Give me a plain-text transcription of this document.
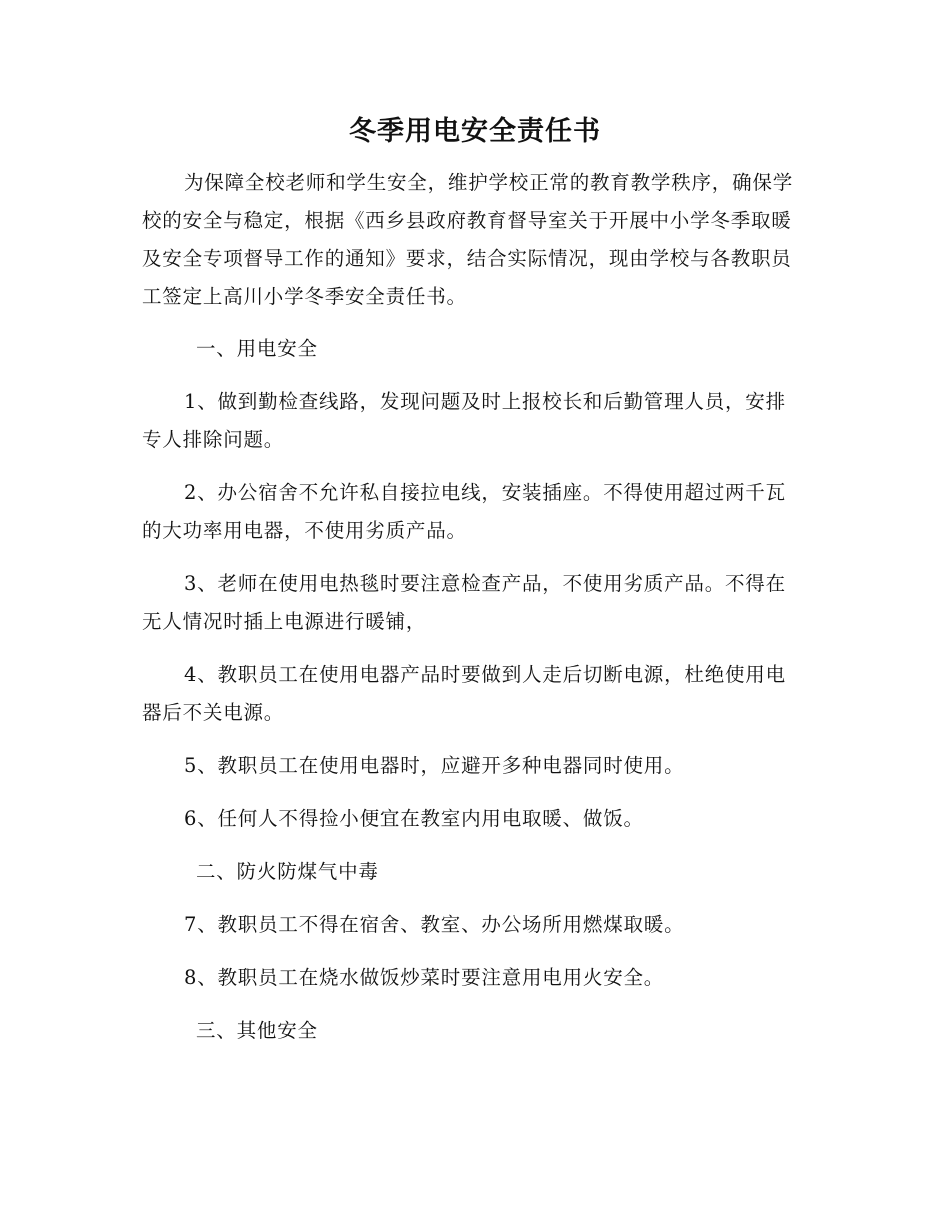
冬季用电安全责任书

为保障全校老师和学生安全，维护学校正常的教育教学秩序，确保学校的安全与稳定，根据《西乡县政府教育督导室关于开展中小学冬季取暖及安全专项督导工作的通知》要求，结合实际情况，现由学校与各教职员工签定上高川小学冬季安全责任书。

一、用电安全

1、做到勤检查线路，发现问题及时上报校长和后勤管理人员，安排专人排除问题。

2、办公宿舍不允许私自接拉电线，安装插座。不得使用超过两千瓦的大功率用电器，不使用劣质产品。

3、老师在使用电热毯时要注意检查产品，不使用劣质产品。不得在无人情况时插上电源进行暖铺，

4、教职员工在使用电器产品时要做到人走后切断电源，杜绝使用电器后不关电源。

5、教职员工在使用电器时，应避开多种电器同时使用。

6、任何人不得捡小便宜在教室内用电取暖、做饭。

二、防火防煤气中毒

7、教职员工不得在宿舍、教室、办公场所用燃煤取暖。

8、教职员工在烧水做饭炒菜时要注意用电用火安全。

三、其他安全
